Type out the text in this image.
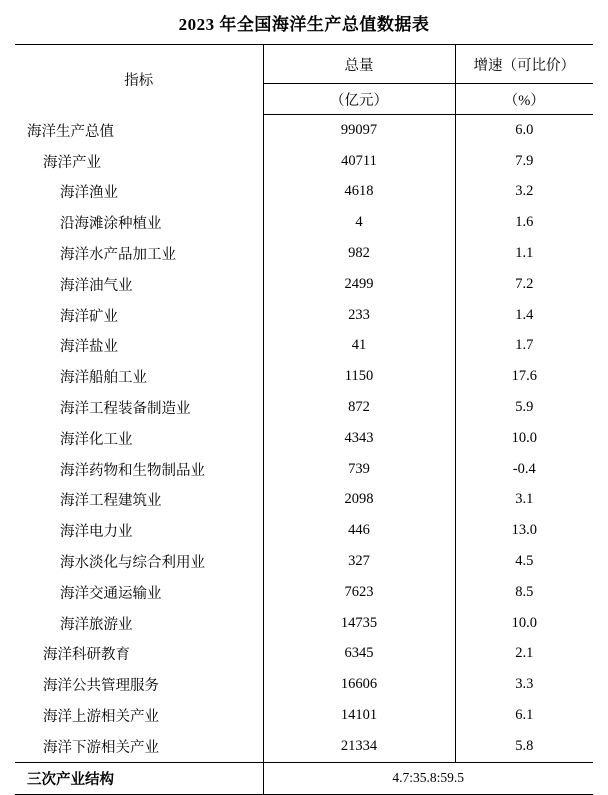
2023 年全国海洋生产总值数据表
指标	总量	增速（可比价）
	（亿元）	（%）
海洋生产总值	99097	6.0
海洋产业	40711	7.9
海洋渔业	4618	3.2
沿海滩涂种植业	4	1.6
海洋水产品加工业	982	1.1
海洋油气业	2499	7.2
海洋矿业	233	1.4
海洋盐业	41	1.7
海洋船舶工业	1150	17.6
海洋工程装备制造业	872	5.9
海洋化工业	4343	10.0
海洋药物和生物制品业	739	-0.4
海洋工程建筑业	2098	3.1
海洋电力业	446	13.0
海水淡化与综合利用业	327	4.5
海洋交通运输业	7623	8.5
海洋旅游业	14735	10.0
海洋科研教育	6345	2.1
海洋公共管理服务	16606	3.3
海洋上游相关产业	14101	6.1
海洋下游相关产业	21334	5.8
三次产业结构	4.7:35.8:59.5	
